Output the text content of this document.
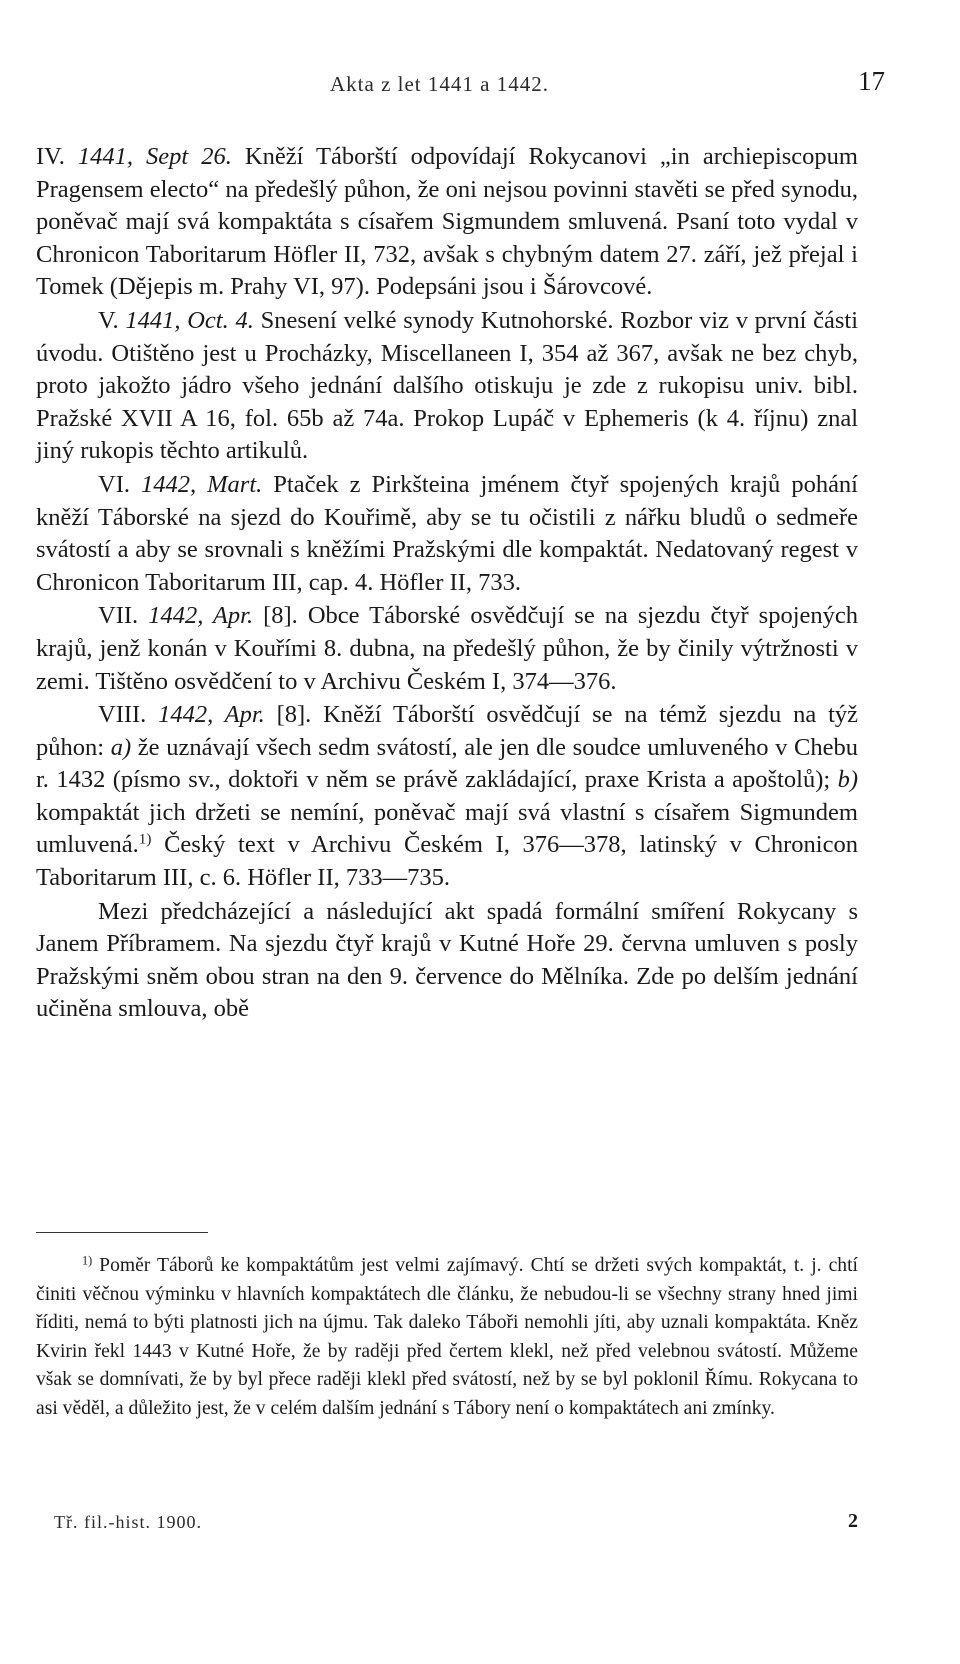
Akta z let 1441 a 1442.	17

IV. 1441, Sept 26. Kněží Táborští odpovídají Rokycanovi „in archiepiscopum Pragensem electo“ na předešlý půhon, že oni nejsou povinni stavěti se před synodu, poněvač mají svá kompaktáta s císařem Sigmundem smluvená. Psaní toto vydal v Chronicon Taboritarum Höfler II, 732, avšak s chybným datem 27. září, jež přejal i Tomek (Dějepis m. Prahy VI, 97). Podepsáni jsou i Šárovcové.

V. 1441, Oct. 4. Snesení velké synody Kutnohorské. Rozbor viz v první části úvodu. Otištěno jest u Procházky, Miscellaneen I, 354 až 367, avšak ne bez chyb, proto jakožto jádro všeho jednání dalšího otiskuju je zde z rukopisu univ. bibl. Pražské XVII A 16, fol. 65b až 74a. Prokop Lupáč v Ephemeris (k 4. říjnu) znal jiný rukopis těchto artikulů.

VI. 1442, Mart. Ptaček z Pirkšteina jménem čtyř spojených krajů pohání kněží Táborské na sjezd do Kouřimě, aby se tu očistili z nářku bludů o sedmeře svátostí a aby se srovnali s kněžími Pražskými dle kompaktát. Nedatovaný regest v Chronicon Taboritarum III, cap. 4. Höfler II, 733.

VII. 1442, Apr. [8]. Obce Táborské osvědčují se na sjezdu čtyř spojených krajů, jenž konán v Kouřími 8. dubna, na předešlý půhon, že by činily výtržnosti v zemi. Tištěno osvědčení to v Archivu Českém I, 374—376.

VIII. 1442, Apr. [8]. Kněží Táborští osvědčují se na témž sjezdu na týž půhon: a) že uznávají všech sedm svátostí, ale jen dle soudce umluveného v Chebu r. 1432 (písmo sv., doktoři v něm se právě zakládající, praxe Krista a apoštolů); b) kompaktát jich držeti se nemíní, poněvač mají svá vlastní s císařem Sigmundem umluvená.$^{1)}$ Český text v Archivu Českém I, 376—378, latinský v Chronicon Taboritarum III, c. 6. Höfler II, 733—735.

Mezi předcházející a následující akt spadá formální smíření Rokycany s Janem Příbramem. Na sjezdu čtyř krajů v Kutné Hoře 29. června umluven s posly Pražskými sněm obou stran na den 9. července do Mělníka. Zde po delším jednání učiněna smlouva, obě

$^{1)}$ Poměr Táborů ke kompaktátům jest velmi zajímavý. Chtí se držeti svých kompaktát, t. j. chtí činiti věčnou výminku v hlavních kompaktátech dle článku, že nebudou-li se všechny strany hned jimi říditi, nemá to býti platnosti jich na újmu. Tak daleko Táboři nemohli jíti, aby uznali kompaktáta. Kněz Kvirin řekl 1443 v Kutné Hoře, že by raději před čertem klekl, než před velebnou svátostí. Můžeme však se domnívati, že by byl přece raději klekl před svátostí, než by se byl poklonil Římu. Rokycana to asi věděl, a důležito jest, že v celém dalším jednání s Tábory není o kompaktátech ani zmínky.

Tř. fil.-hist. 1900.	2
